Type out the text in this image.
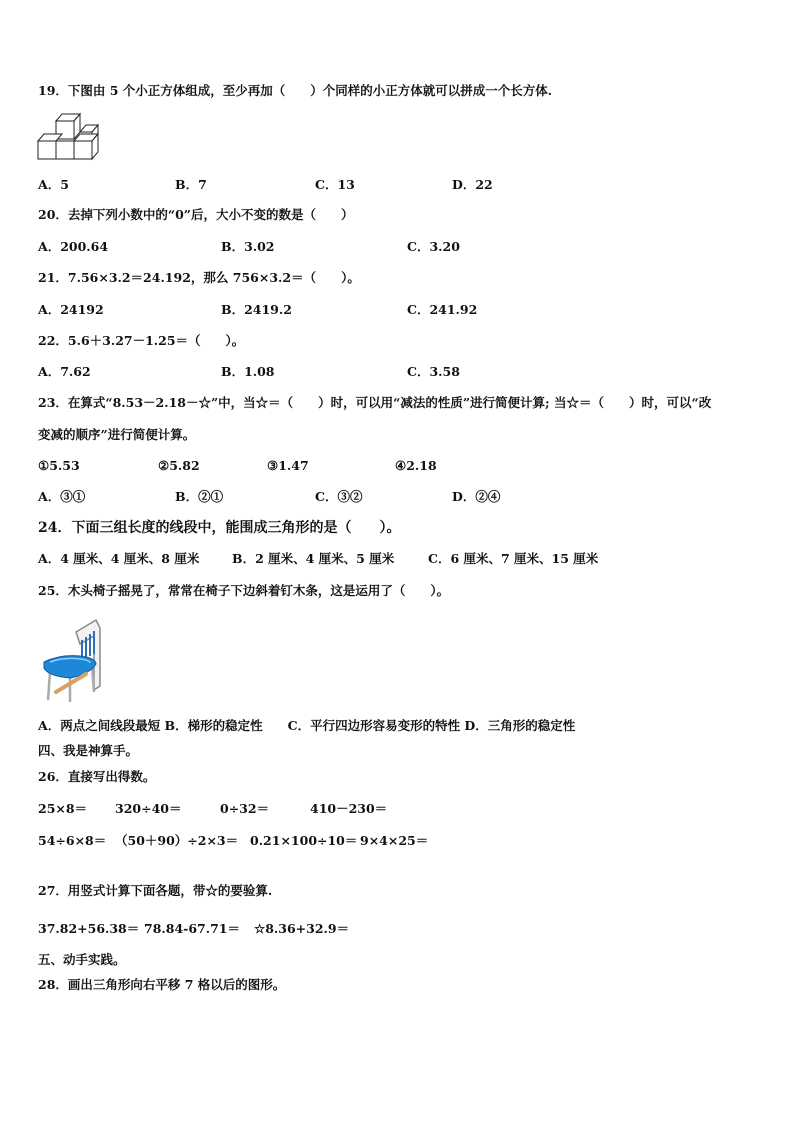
19．下图由 5 个小正方体组成，至少再加（　　）个同样的小正方体就可以拼成一个长方体.
A．5	B．7	C．13	D．22
20．去掉下列小数中的“0”后，大小不变的数是（　　）
A．200.64	B．3.02	C．3.20
21．7.56×3.2＝24.192，那么 756×3.2＝（　　）。
A．24192	B．2419.2	C．241.92
22．5.6＋3.27－1.25＝（　　）。
A．7.62	B．1.08	C．3.58
23．在算式“8.53－2.18－☆”中，当☆＝（　　）时，可以用“减法的性质”进行简便计算; 当☆＝（　　）时，可以“改
变减的顺序”进行简便计算。
①5.53	②5.82	③1.47	④2.18
A．③①	B．②①	C．③②	D．②④
24．下面三组长度的线段中，能围成三角形的是（　　）。
A．4 厘米、4 厘米、8 厘米	B．2 厘米、4 厘米、5 厘米	C．6 厘米、7 厘米、15 厘米
25．木头椅子摇晃了，常常在椅子下边斜着钉木条，这是运用了（　　）。
A．两点之间线段最短 B．梯形的稳定性　　C．平行四边形容易变形的特性 D．三角形的稳定性
四、我是神算手。
26．直接写出得数。
25×8＝ 320÷40＝	0÷32＝	410－230＝
54÷6×8＝ （50＋90）÷2×3＝ 0.21×100÷10＝ 9×4×25＝
27．用竖式计算下面各题，带☆的要验算.
37.82+56.38＝ 78.84-67.71＝ ☆8.36+32.9＝
五、动手实践。
28．画出三角形向右平移 7 格以后的图形。
